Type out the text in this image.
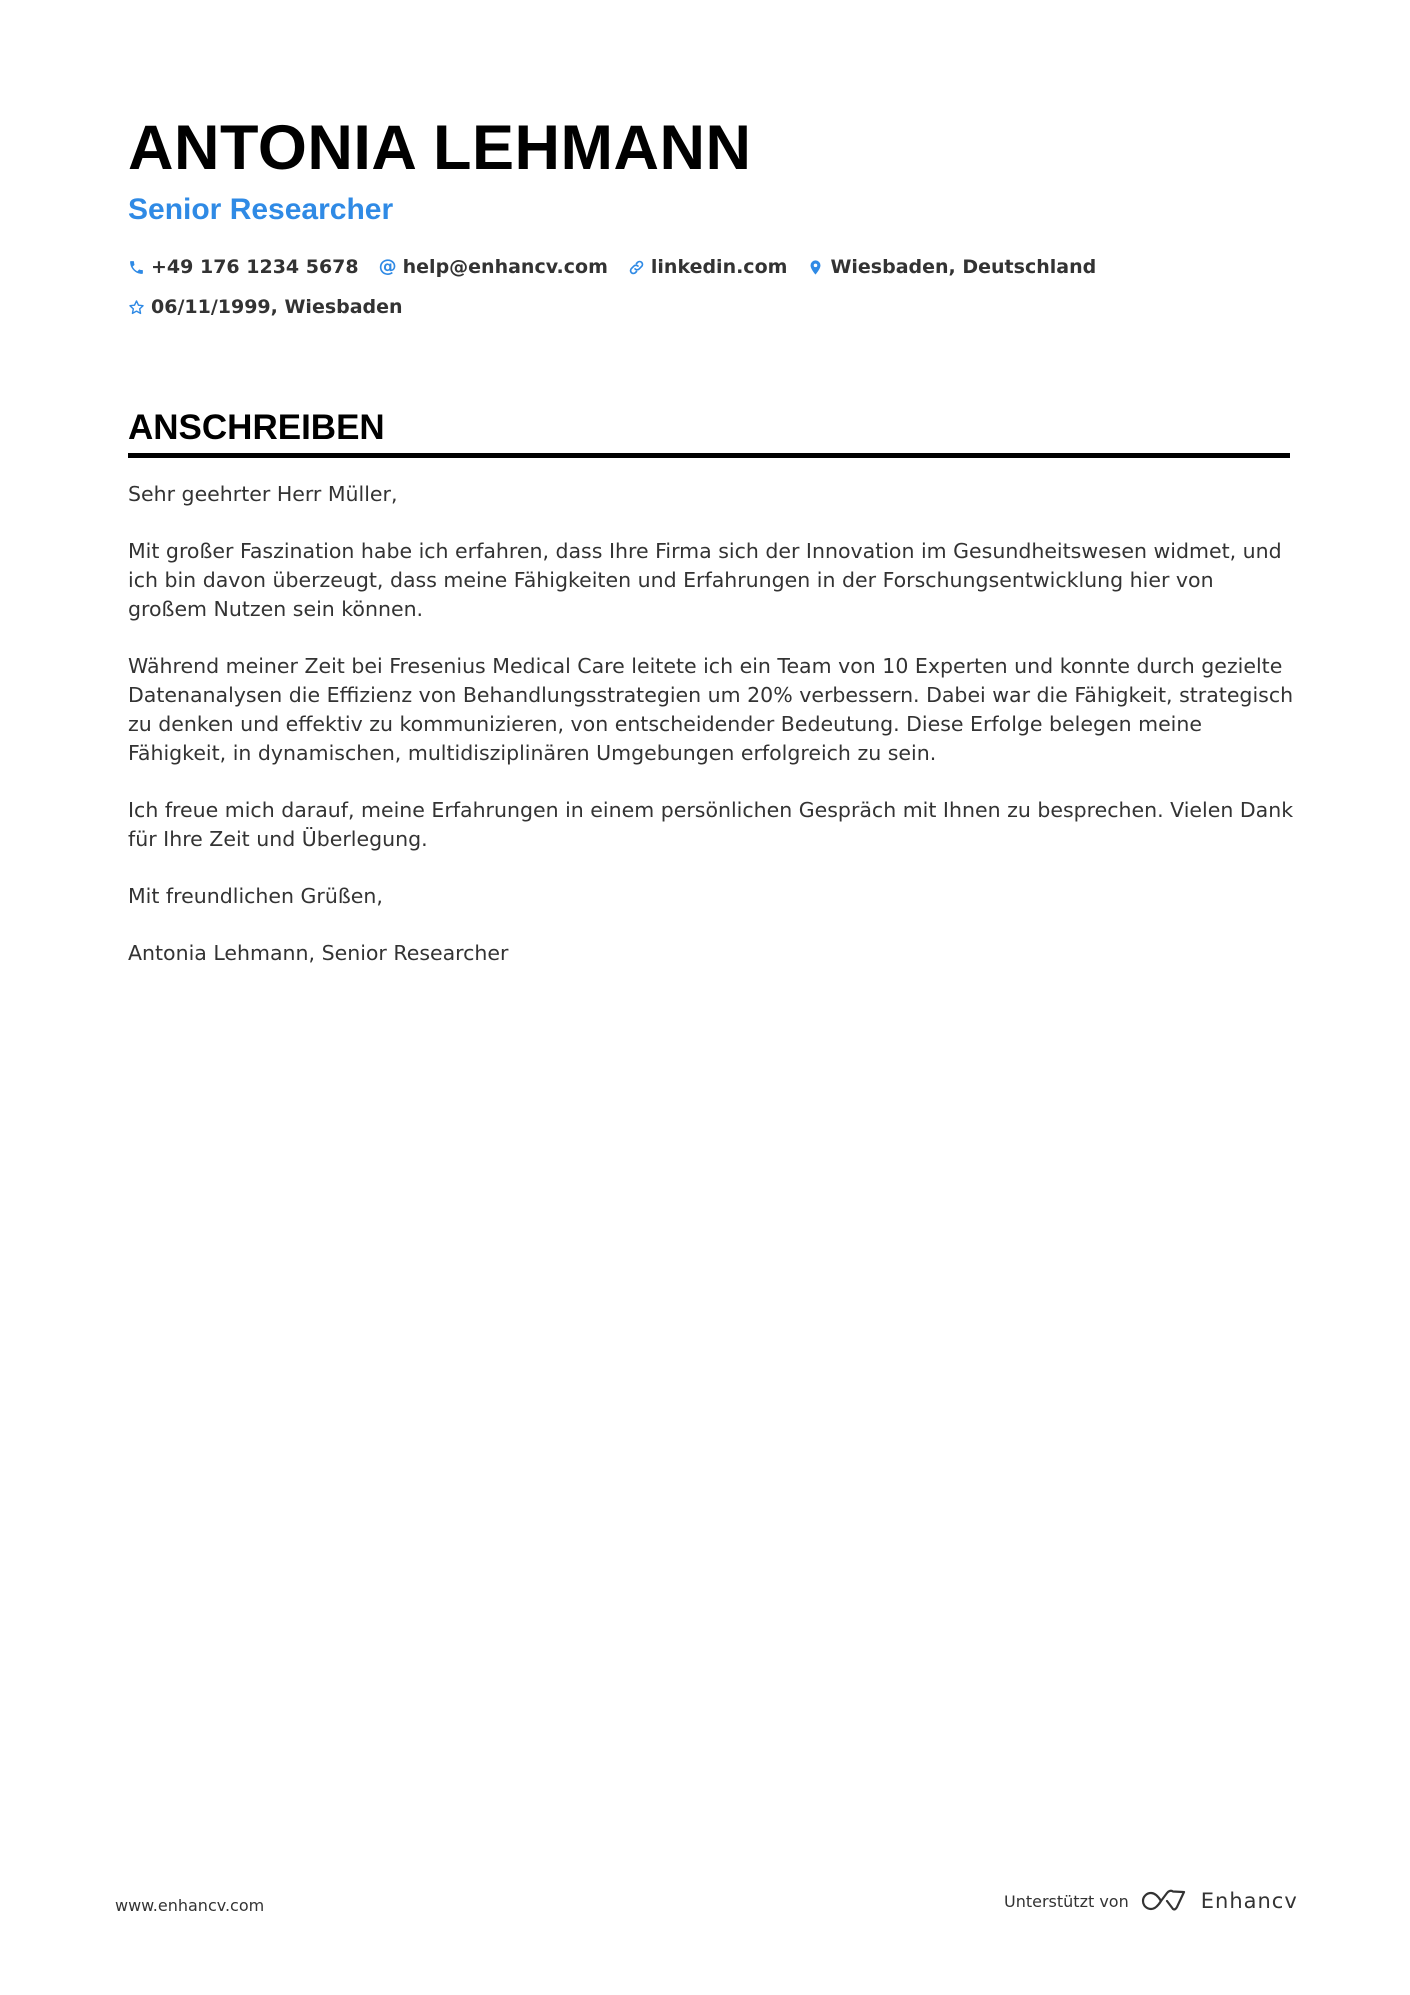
ANTONIA LEHMANN
Senior Researcher
+49 176 1234 5678 @ help@enhancv.com linkedin.com Wiesbaden, Deutschland
06/11/1999, Wiesbaden
ANSCHREIBEN

Sehr geehrter Herr Müller,

Mit großer Faszination habe ich erfahren, dass Ihre Firma sich der Innovation im Gesundheitswesen widmet, und ich bin davon überzeugt, dass meine Fähigkeiten und Erfahrungen in der Forschungsentwicklung hier von großem Nutzen sein können.

Während meiner Zeit bei Fresenius Medical Care leitete ich ein Team von 10 Experten und konnte durch gezielte Datenanalysen die Effizienz von Behandlungsstrategien um 20% verbessern. Dabei war die Fähigkeit, strategisch zu denken und effektiv zu kommunizieren, von entscheidender Bedeutung. Diese Erfolge belegen meine Fähigkeit, in dynamischen, multidisziplinären Umgebungen erfolgreich zu sein.

Ich freue mich darauf, meine Erfahrungen in einem persönlichen Gespräch mit Ihnen zu besprechen. Vielen Dank für Ihre Zeit und Überlegung.

Mit freundlichen Grüßen,

Antonia Lehmann, Senior Researcher

www.enhancv.com	Unterstützt von	Enhancv
